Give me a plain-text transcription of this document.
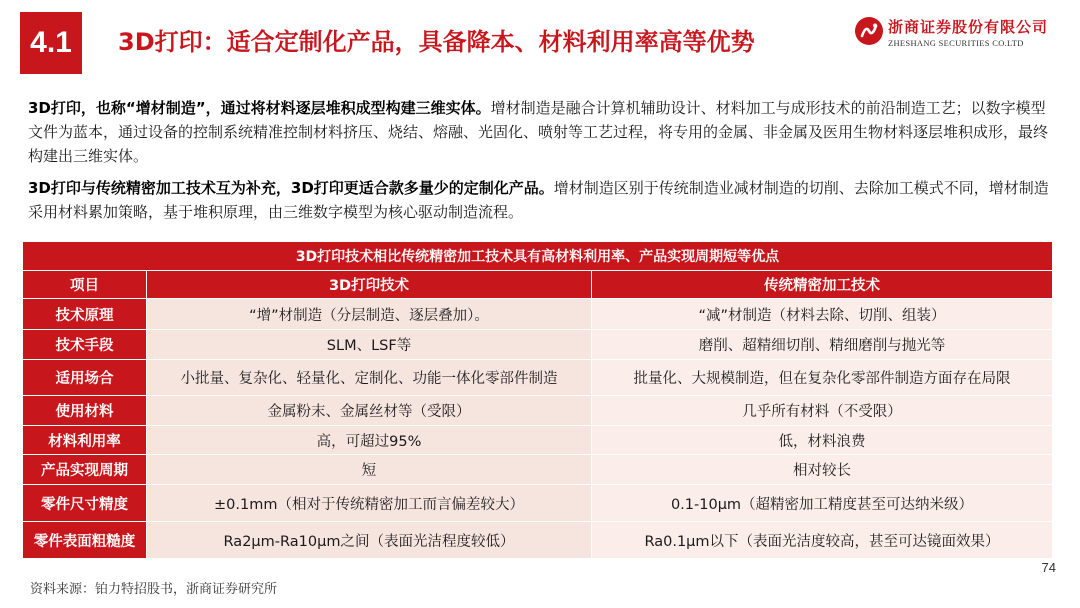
4.1 3D打印：适合定制化产品，具备降本、材料利用率高等优势
浙商证券股份有限公司
ZHESHANG SECURITIES CO.LTD

3D打印，也称“增材制造”，通过将材料逐层堆积成型构建三维实体。增材制造是融合计算机辅助设计、材料加工与成形技术的前沿制造工艺；以数字模型文件为蓝本，通过设备的控制系统精准控制材料挤压、烧结、熔融、光固化、喷射等工艺过程，将专用的金属、非金属及医用生物材料逐层堆积成形，最终构建出三维实体。

3D打印与传统精密加工技术互为补充，3D打印更适合款多量少的定制化产品。增材制造区别于传统制造业减材制造的切削、去除加工模式不同，增材制造采用材料累加策略，基于堆积原理，由三维数字模型为核心驱动制造流程。

3D打印技术相比传统精密加工技术具有高材料利用率、产品实现周期短等优点		
项目	3D打印技术	传统精密加工技术
技术原理	“增”材制造（分层制造、逐层叠加）。	“减”材制造（材料去除、切削、组装）
技术手段	SLM、LSF等	磨削、超精细切削、精细磨削与抛光等
适用场合	小批量、复杂化、轻量化、定制化、功能一体化零部件制造	批量化、大规模制造，但在复杂化零部件制造方面存在局限
使用材料	金属粉末、金属丝材等（受限）	几乎所有材料（不受限）
材料利用率	高，可超过95%	低，材料浪费
产品实现周期	短	相对较长
零件尺寸精度	±0.1mm（相对于传统精密加工而言偏差较大）	0.1-10μm（超精密加工精度甚至可达纳米级）
零件表面粗糙度	Ra2μm-Ra10μm之间（表面光洁程度较低）	Ra0.1μm以下（表面光洁度较高，甚至可达镜面效果）
74
资料来源：铂力特招股书，浙商证券研究所
